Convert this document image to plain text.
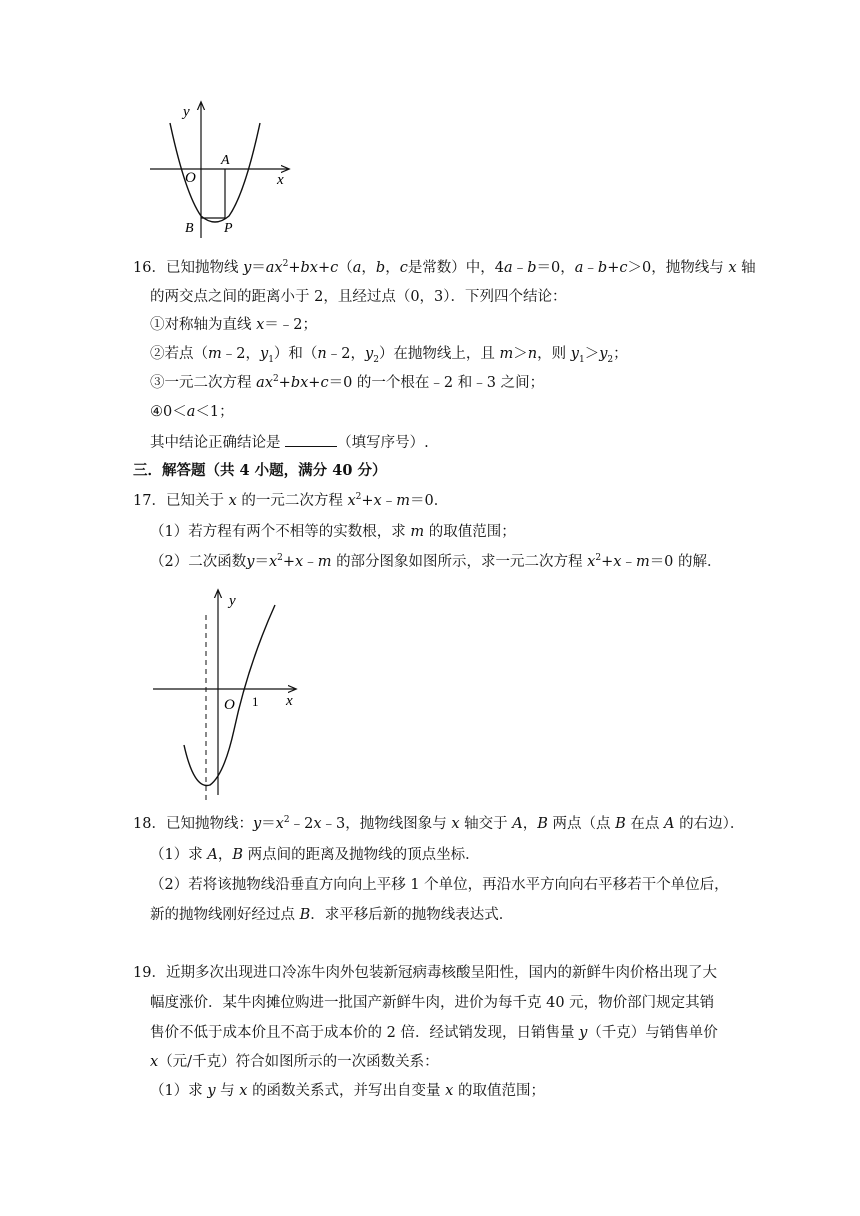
y
x
O
A
B P
16．已知抛物线 $y=ax^2+bx+c(a$，b，c是常数）中，4a﹣b＝0，a﹣b+c＞0，抛物线与 x 轴
的两交点之间的距离小于 2，且经过点（0，3）．下列四个结论：
①对称轴为直线 x＝﹣2；
②若点（m﹣2，$y_1$）和（n﹣2，$y_2$）在抛物线上，且 m＞n，则 $y_1>y_2$；
③一元二次方程 $ax^2+bx+c=0$ 的一个根在﹣2 和﹣3 之间；
④0＜a＜1；
其中结论正确结论是	（填写序号）.
三．解答题（共 4 小题，满分 40 分）
17．已知关于 x 的一元二次方程 $x^2+x﹣m=0$．
（1）若方程有两个不相等的实数根，求 m 的取值范围；
（2）二次函数$y=x^2+x﹣m$ 的部分图象如图所示，求一元二次方程 $x^2+x﹣m=0$ 的解．
y
x
O 1
18．已知抛物线：$y=x^2﹣2x﹣3$，抛物线图象与 x 轴交于 A，B 两点（点 B 在点 A 的右边）．
（1）求 A，B 两点间的距离及抛物线的顶点坐标．
（2）若将该抛物线沿垂直方向向上平移 1 个单位，再沿水平方向向右平移若干个单位后，
新的抛物线刚好经过点 B．求平移后新的抛物线表达式．
19．近期多次出现进口冷冻牛肉外包装新冠病毒核酸呈阳性，国内的新鲜牛肉价格出现了大
幅度涨价．某牛肉摊位购进一批国产新鲜牛肉，进价为每千克 40 元，物价部门规定其销
售价不低于成本价且不高于成本价的 2 倍．经试销发现，日销售量 y（千克）与销售单价
x（元/千克）符合如图所示的一次函数关系：
（1）求 y 与 x 的函数关系式，并写出自变量 x 的取值范围；
